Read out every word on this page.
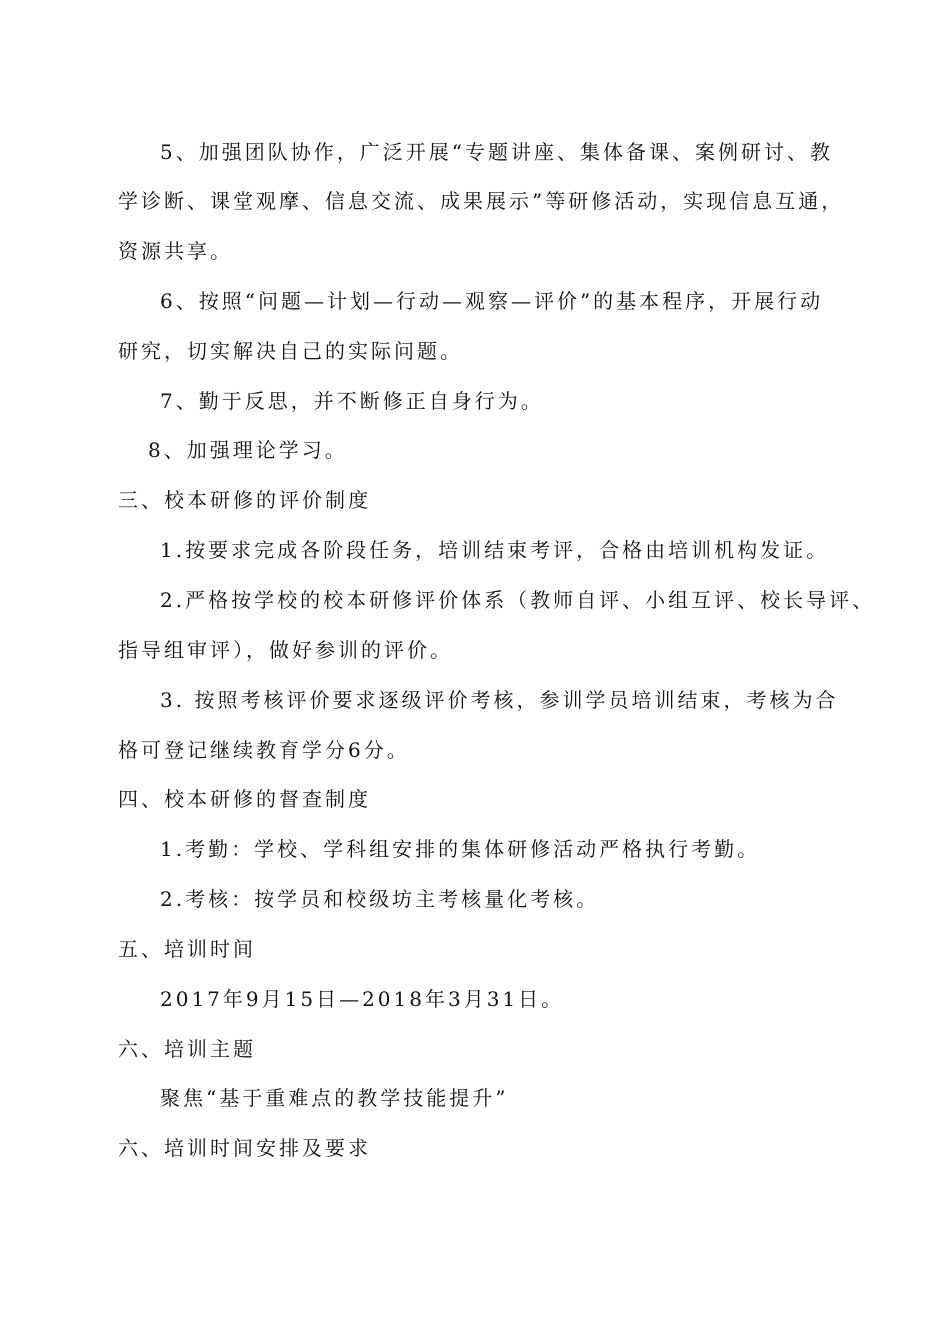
5、加强团队协作，广泛开展“专题讲座、集体备课、案例研讨、教
学诊断、课堂观摩、信息交流、成果展示”等研修活动，实现信息互通，
资源共享。
6、按照“问题—计划—行动—观察—评价”的基本程序，开展行动
研究，切实解决自己的实际问题。
7、勤于反思，并不断修正自身行为。
8、加强理论学习。
三、校本研修的评价制度
1.按要求完成各阶段任务，培训结束考评，合格由培训机构发证。
2.严格按学校的校本研修评价体系（教师自评、小组互评、校长导评、
指导组审评），做好参训的评价。
3. 按照考核评价要求逐级评价考核，参训学员培训结束，考核为合
格可登记继续教育学分6分。
四、校本研修的督查制度
1.考勤：学校、学科组安排的集体研修活动严格执行考勤。
2.考核：按学员和校级坊主考核量化考核。
五、培训时间
2017年9月15日—2018年3月31日。
六、培训主题
聚焦“基于重难点的教学技能提升”
六、培训时间安排及要求
